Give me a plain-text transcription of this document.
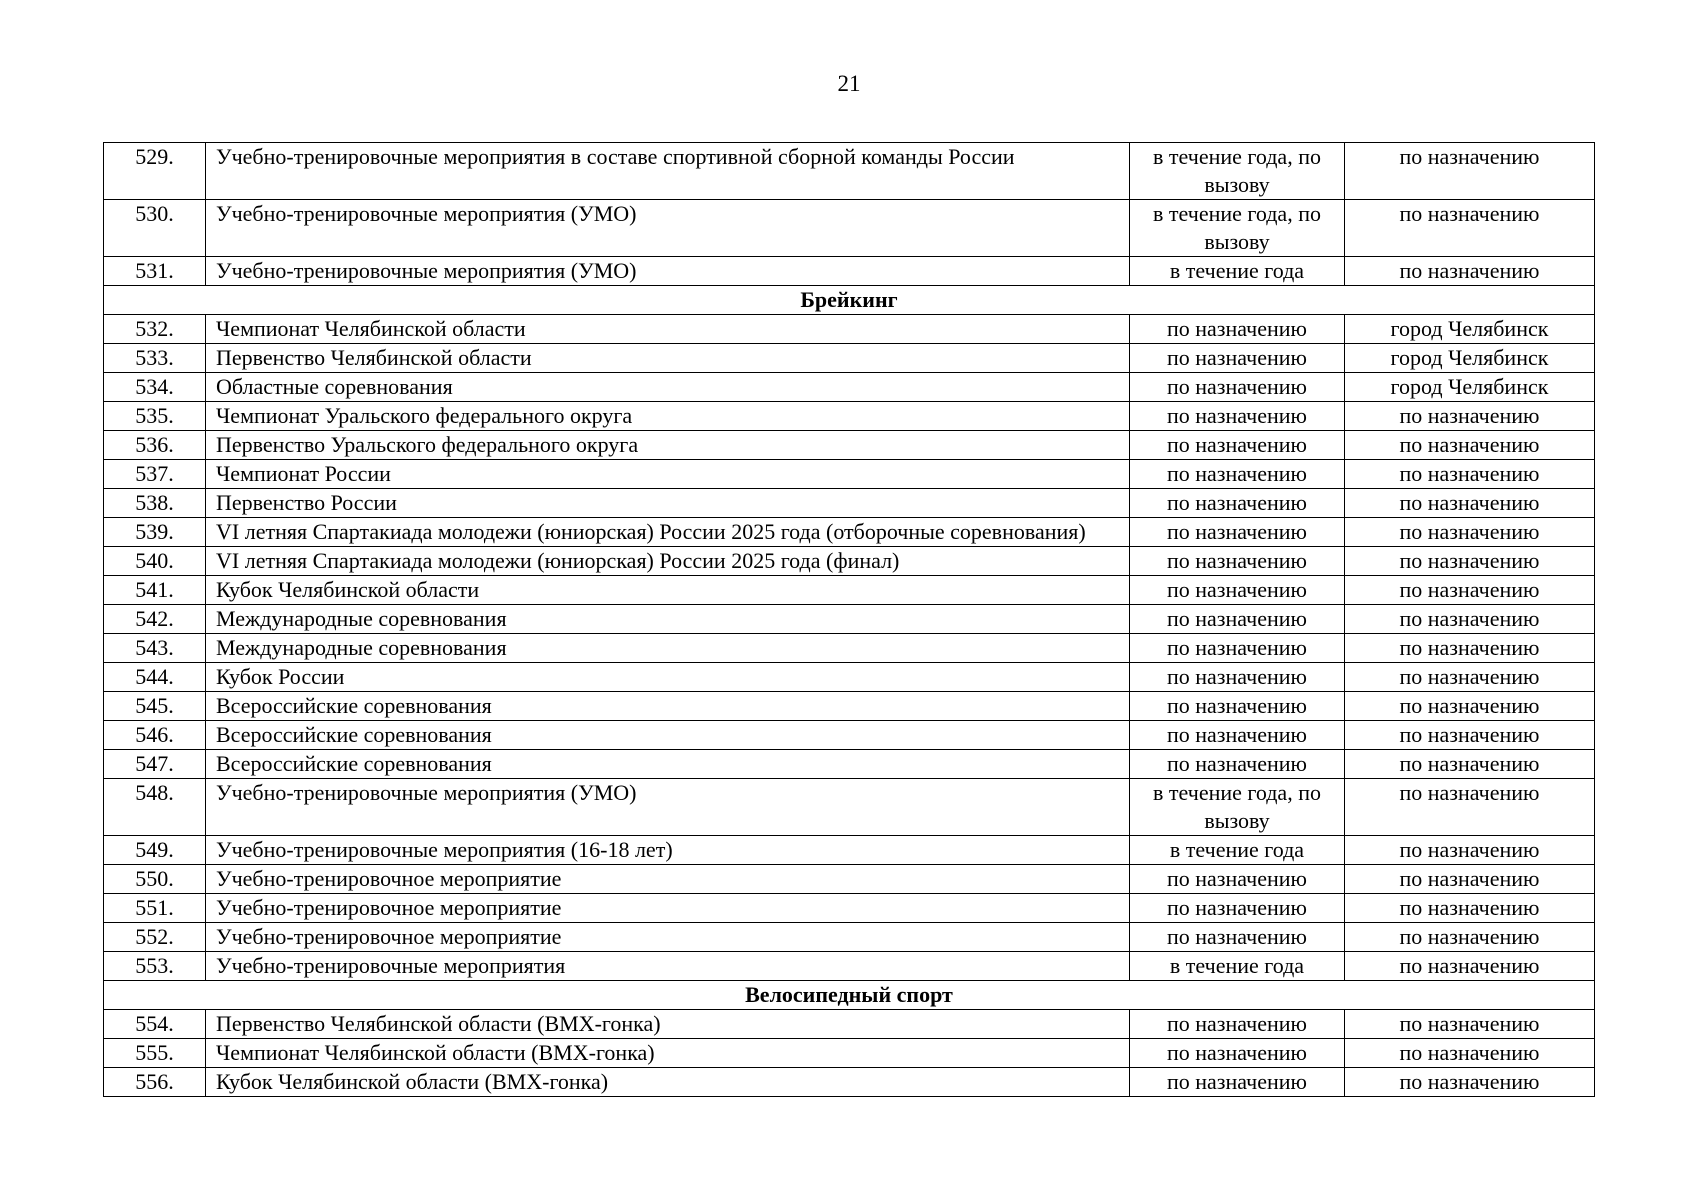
21
529.	Учебно-тренировочные мероприятия в составе спортивной сборной команды России	в течение года, по вызову	по назначению
530.	Учебно-тренировочные мероприятия (УМО)	в течение года, по вызову	по назначению
531.	Учебно-тренировочные мероприятия (УМО)	в течение года	по назначению
Брейкинг			
532.	Чемпионат Челябинской области	по назначению	город Челябинск
533.	Первенство Челябинской области	по назначению	город Челябинск
534.	Областные соревнования	по назначению	город Челябинск
535.	Чемпионат Уральского федерального округа	по назначению	по назначению
536.	Первенство Уральского федерального округа	по назначению	по назначению
537.	Чемпионат России	по назначению	по назначению
538.	Первенство России	по назначению	по назначению
539.	VI летняя Спартакиада молодежи (юниорская) России 2025 года (отборочные соревнования)	по назначению	по назначению
540.	VI летняя Спартакиада молодежи (юниорская) России 2025 года (финал)	по назначению	по назначению
541.	Кубок Челябинской области	по назначению	по назначению
542.	Международные соревнования	по назначению	по назначению
543.	Международные соревнования	по назначению	по назначению
544.	Кубок России	по назначению	по назначению
545.	Всероссийские соревнования	по назначению	по назначению
546.	Всероссийские соревнования	по назначению	по назначению
547.	Всероссийские соревнования	по назначению	по назначению
548.	Учебно-тренировочные мероприятия (УМО)	в течение года, по вызову	по назначению
549.	Учебно-тренировочные мероприятия (16-18 лет)	в течение года	по назначению
550.	Учебно-тренировочное мероприятие	по назначению	по назначению
551.	Учебно-тренировочное мероприятие	по назначению	по назначению
552.	Учебно-тренировочное мероприятие	по назначению	по назначению
553.	Учебно-тренировочные мероприятия	в течение года	по назначению
Велосипедный спорт			
554.	Первенство Челябинской области (BMX-гонка)	по назначению	по назначению
555.	Чемпионат Челябинской области (BMX-гонка)	по назначению	по назначению
556.	Кубок Челябинской области (BMX-гонка)	по назначению	по назначению
